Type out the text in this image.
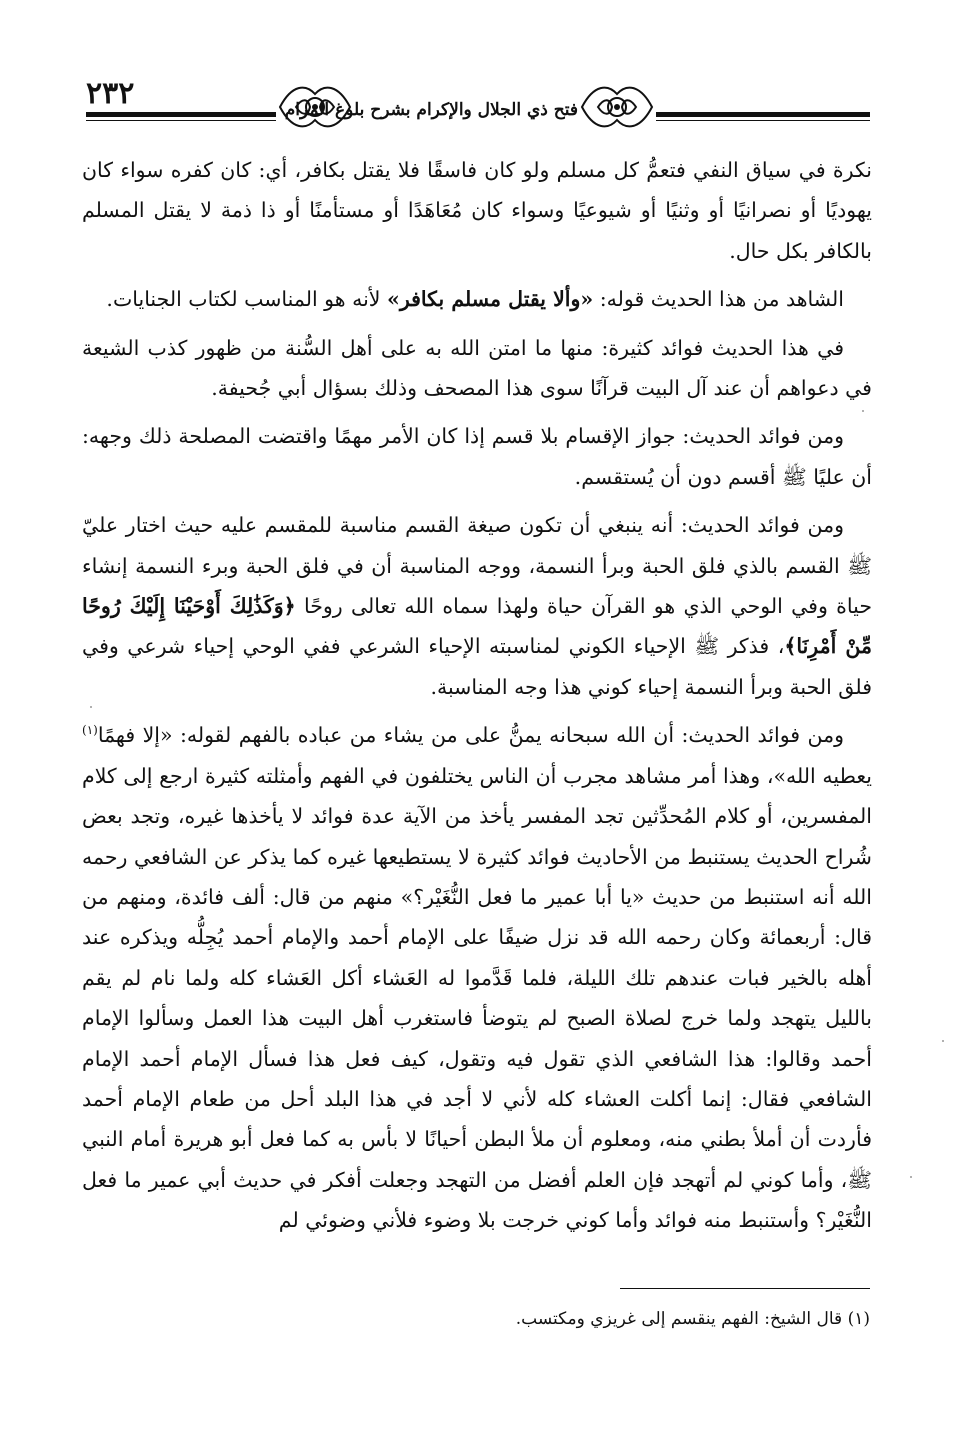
٢٣٢	فتح ذي الجلال والإكرام بشرح بلوغ المرام

نكرة في سياق النفي فتعمُّ كل مسلم ولو كان فاسقًا فلا يقتل بكافر، أي: كان كفره سواء كان يهوديًا أو نصرانيًا أو وثنيًا أو شيوعيًا وسواء كان مُعَاهَدًا أو مستأمنًا أو ذا ذمة لا يقتل المسلم بالكافر بكل حال.

الشاهد من هذا الحديث قوله: «وألا يقتل مسلم بكافر» لأنه هو المناسب لكتاب الجنايات.

في هذا الحديث فوائد كثيرة: منها ما امتن الله به على أهل السُّنة من ظهور كذب الشيعة في دعواهم أن عند آل البيت قرآنًا سوى هذا المصحف وذلك بسؤال أبي جُحيفة.

ومن فوائد الحديث: جواز الإقسام بلا قسم إذا كان الأمر مهمًا واقتضت المصلحة ذلك وجهه: أن عليًا ﷺ أقسم دون أن يُستقسم.

ومن فوائد الحديث: أنه ينبغي أن تكون صيغة القسم مناسبة للمقسم عليه حيث اختار عليّ ﷺ القسم بالذي فلق الحبة وبرأ النسمة، ووجه المناسبة أن في فلق الحبة وبرء النسمة إنشاء حياة وفي الوحي الذي هو القرآن حياة ولهذا سماه الله تعالى روحًا ﴿وَكَذَٰلِكَ أَوْحَيْنَا إِلَيْكَ رُوحًا مِّنْ أَمْرِنَا﴾، فذكر ﷺ الإحياء الكوني لمناسبته الإحياء الشرعي ففي الوحي إحياء شرعي وفي فلق الحبة وبرأ النسمة إحياء كوني هذا وجه المناسبة.

ومن فوائد الحديث: أن الله سبحانه يمنُّ على من يشاء من عباده بالفهم لقوله: «إلا فهمًا$^{(١)}$ يعطيه الله»، وهذا أمر مشاهد مجرب أن الناس يختلفون في الفهم وأمثلته كثيرة ارجع إلى كلام المفسرين، أو كلام المُحدِّثين تجد المفسر يأخذ من الآية عدة فوائد لا يأخذها غيره، وتجد بعض شُراح الحديث يستنبط من الأحاديث فوائد كثيرة لا يستطيعها غيره كما يذكر عن الشافعي رحمه الله أنه استنبط من حديث «يا أبا عمير ما فعل النُّغَيْر؟» منهم من قال: ألف فائدة، ومنهم من قال: أربعمائة وكان رحمه الله قد نزل ضيفًا على الإمام أحمد والإمام أحمد يُجِلُّه ويذكره عند أهله بالخير فبات عندهم تلك الليلة، فلما قَدَّموا له العَشاء أكل العَشاء كله ولما نام لم يقم بالليل يتهجد ولما خرج لصلاة الصبح لم يتوضأ فاستغرب أهل البيت هذا العمل وسألوا الإمام أحمد وقالوا: هذا الشافعي الذي تقول فيه وتقول، كيف فعل هذا فسأل الإمام أحمد الإمام الشافعي فقال: إنما أكلت العشاء كله لأني لا أجد في هذا البلد أحل من طعام الإمام أحمد فأردت أن أملأ بطني منه، ومعلوم أن ملأ البطن أحيانًا لا بأس به كما فعل أبو هريرة أمام النبي ﷺ، وأما كوني لم أتهجد فإن العلم أفضل من التهجد وجعلت أفكر في حديث أبي عمير ما فعل النُّغَيْر؟ وأستنبط منه فوائد وأما كوني خرجت بلا وضوء فلأني وضوئي لم

(١) قال الشيخ: الفهم ينقسم إلى غريزي ومكتسب.
